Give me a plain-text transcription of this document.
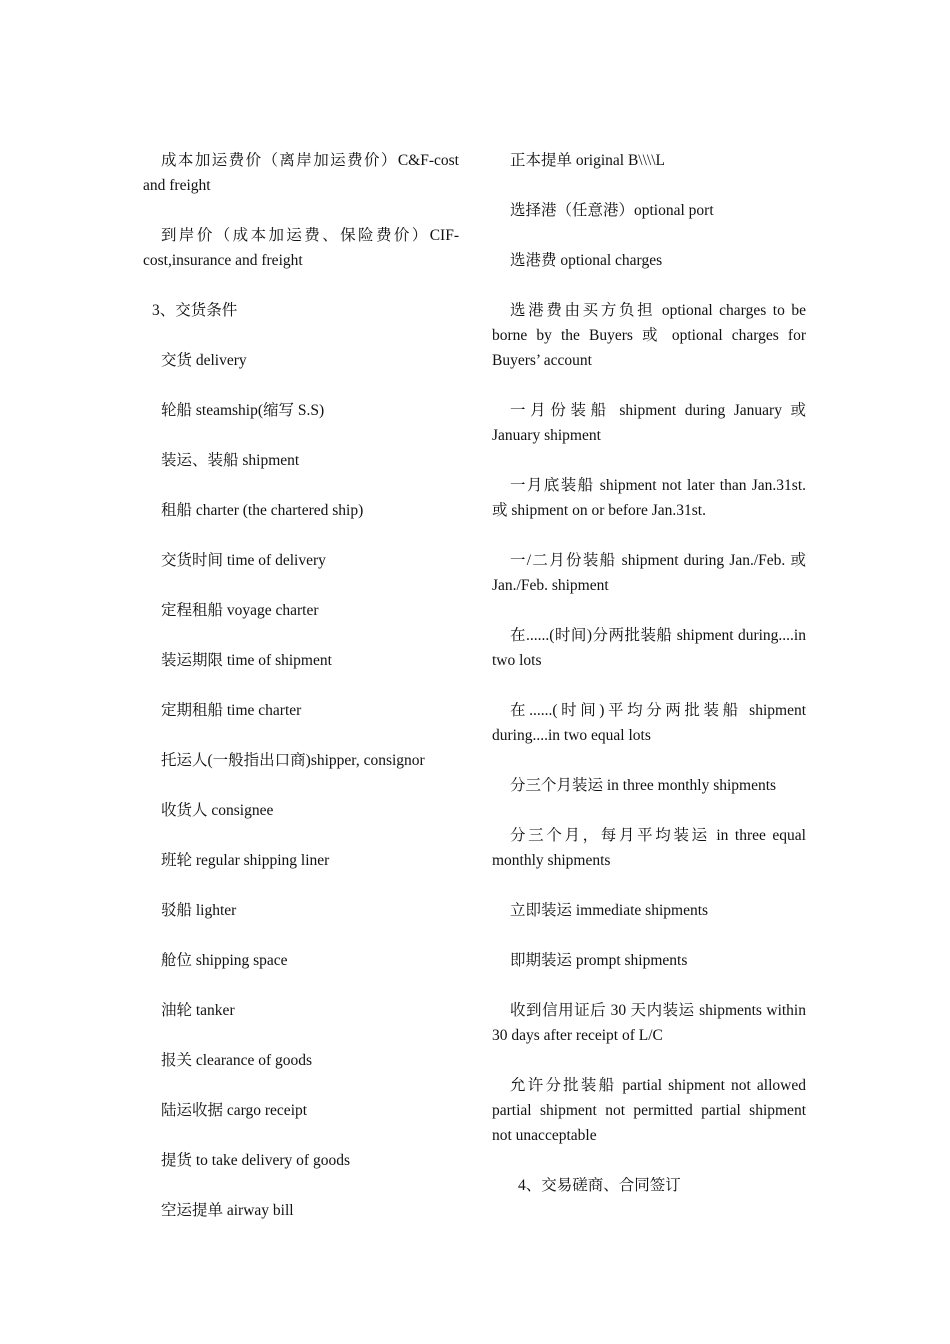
成本加运费价（离岸加运费价）C&F-cost and freight

到岸价（成本加运费、保险费价）CIF-cost,insurance and freight

3、交货条件

交货 delivery

轮船 steamship(缩写 S.S)

装运、装船 shipment

租船 charter (the chartered ship)

交货时间 time of delivery

定程租船 voyage charter

装运期限 time of shipment

定期租船 time charter

托运人(一般指出口商)shipper, consignor

收货人 consignee

班轮 regular shipping liner

驳船 lighter

舱位 shipping space

油轮 tanker

报关 clearance of goods

陆运收据 cargo receipt

提货 to take delivery of goods

空运提单 airway bill

正本提单 original B\\\\L

选择港（任意港）optional port

选港费 optional charges

选港费由买方负担 optional charges to be borne by the Buyers 或 optional charges for Buyers’ account

一月份装船 shipment during January 或 January shipment

一月底装船 shipment not later than Jan.31st.或 shipment on or before Jan.31st.

一/二月份装船 shipment during Jan./Feb. 或 Jan./Feb. shipment

在......(时间)分两批装船 shipment during....in two lots

在......(时间)平均分两批装船 shipment during....in two equal lots

分三个月装运 in three monthly shipments

分三个月，每月平均装运 in three equal monthly shipments

立即装运 immediate shipments

即期装运 prompt shipments

收到信用证后 30 天内装运 shipments within 30 days after receipt of L/C

允许分批装船 partial shipment not allowed partial shipment not permitted partial shipment not unacceptable

4、交易磋商、合同签订
